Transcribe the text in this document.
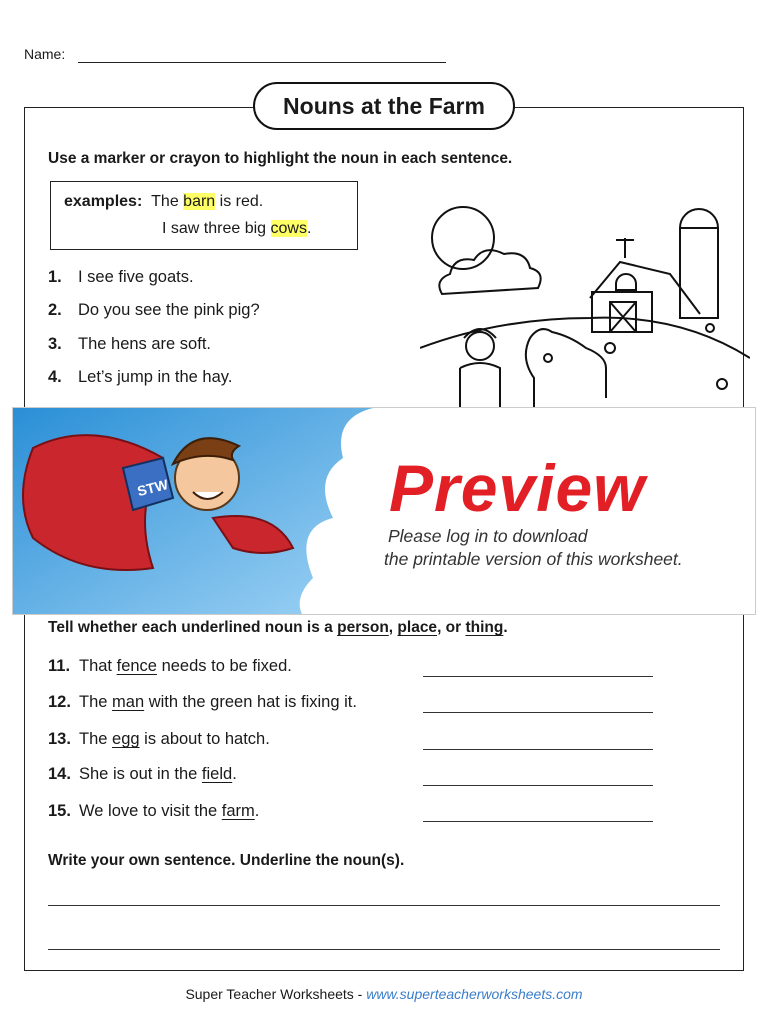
Name:
Nouns at the Farm
Use a marker or crayon to highlight the noun in each sentence.
examples: The barn is red.
I saw three big cows.
1. I see five goats.
2. Do you see the pink pig?
3. The hens are soft.
4. Let’s jump in the hay.
STW	Preview
Please log in to download
the printable version of this worksheet.
Tell whether each underlined noun is a person, place, or thing.
11. That fence needs to be fixed.
12. The man with the green hat is fixing it.
13. The egg is about to hatch.
14. She is out in the field.
15. We love to visit the farm.
Write your own sentence. Underline the noun(s).
Super Teacher Worksheets - www.superteacherworksheets.com
